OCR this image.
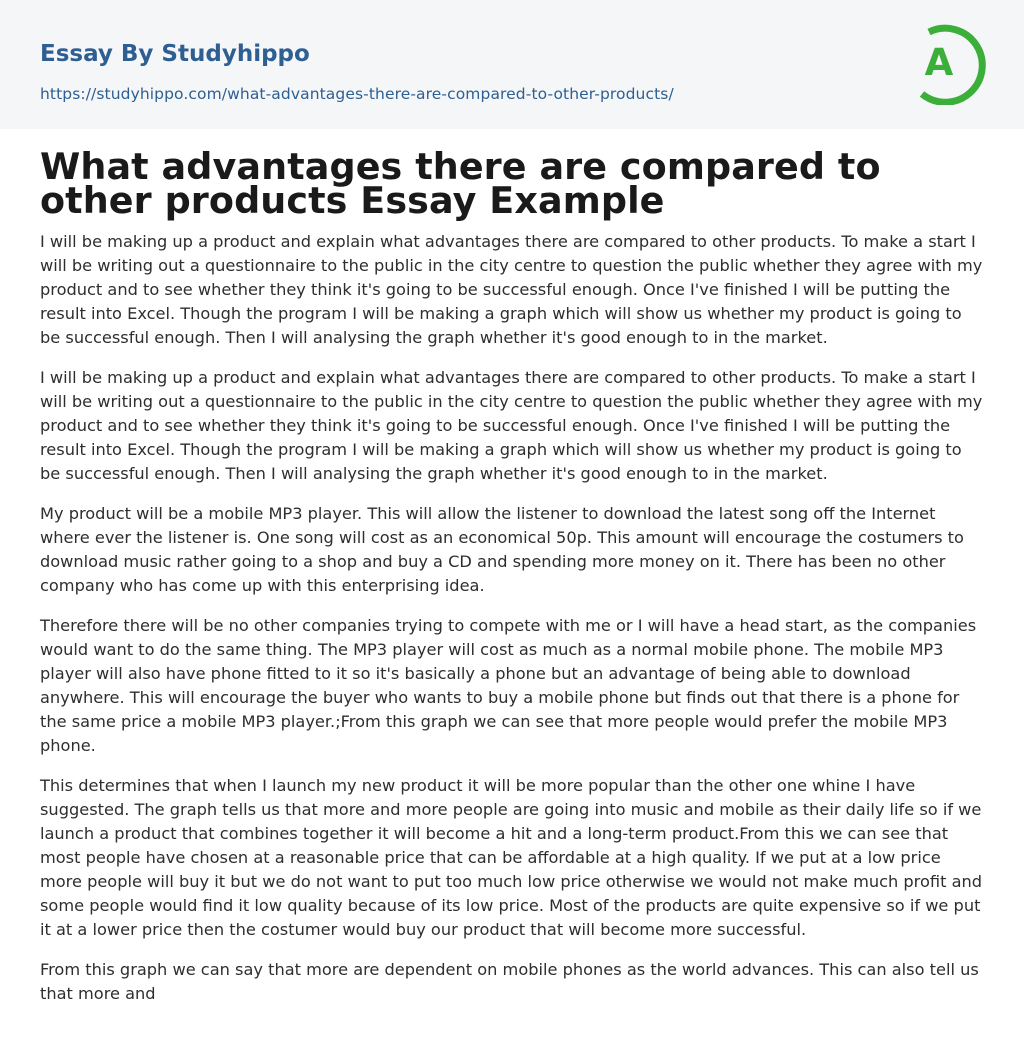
Essay By Studyhippo
https://studyhippo.com/what-advantages-there-are-compared-to-other-products/
A
What advantages there are compared to other products Essay Example

I will be making up a product and explain what advantages there are compared to other products. To make a start I will be writing out a questionnaire to the public in the city centre to question the public whether they agree with my product and to see whether they think it's going to be successful enough. Once I've finished I will be putting the result into Excel. Though the program I will be making a graph which will show us whether my product is going to be successful enough. Then I will analysing the graph whether it's good enough to in the market.

I will be making up a product and explain what advantages there are compared to other products. To make a start I will be writing out a questionnaire to the public in the city centre to question the public whether they agree with my product and to see whether they think it's going to be successful enough. Once I've finished I will be putting the result into Excel. Though the program I will be making a graph which will show us whether my product is going to be successful enough. Then I will analysing the graph whether it's good enough to in the market.

My product will be a mobile MP3 player. This will allow the listener to download the latest song off the Internet where ever the listener is. One song will cost as an economical 50p. This amount will encourage the costumers to download music rather going to a shop and buy a CD and spending more money on it. There has been no other company who has come up with this enterprising idea.

Therefore there will be no other companies trying to compete with me or I will have a head start, as the companies would want to do the same thing. The MP3 player will cost as much as a normal mobile phone. The mobile MP3 player will also have phone fitted to it so it's basically a phone but an advantage of being able to download anywhere. This will encourage the buyer who wants to buy a mobile phone but finds out that there is a phone for the same price a mobile MP3 player.;From this graph we can see that more people would prefer the mobile MP3 phone.

This determines that when I launch my new product it will be more popular than the other one whine I have suggested. The graph tells us that more and more people are going into music and mobile as their daily life so if we launch a product that combines together it will become a hit and a long-term product.From this we can see that most people have chosen at a reasonable price that can be affordable at a high quality. If we put at a low price more people will buy it but we do not want to put too much low price otherwise we would not make much profit and some people would find it low quality because of its low price. Most of the products are quite expensive so if we put it at a lower price then the costumer would buy our product that will become more successful.

From this graph we can say that more are dependent on mobile phones as the world advances. This can also tell us that more and
